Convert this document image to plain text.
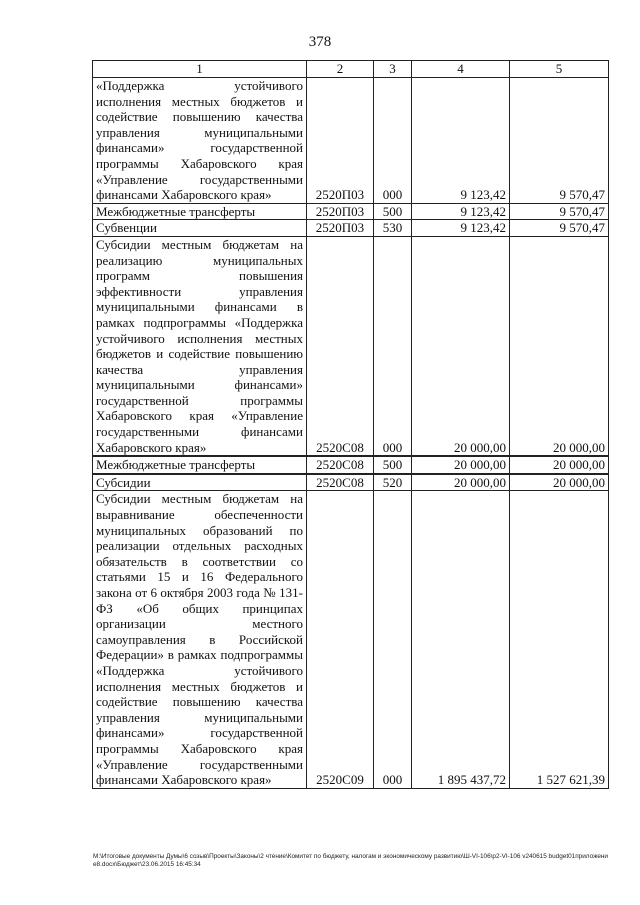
378
1	2	3	4	5
«Поддержка устойчивого исполнения местных бюджетов и содействие повышению качества управления муниципальными финансами» государственной программы Хабаровского края «Управление государственными финансами Хабаровского края»	2520П03	000	9 123,42	9 570,47
Межбюджетные трансферты	2520П03	500	9 123,42	9 570,47
Субвенции	2520П03	530	9 123,42	9 570,47
Субсидии местным бюджетам на реализацию муниципальных программ повышения эффективности управления муниципальными финансами в рамках подпрограммы «Поддержка устойчивого исполнения местных бюджетов и содействие повышению качества управления муниципальными финансами» государственной программы Хабаровского края «Управление государственными финансами Хабаровского края»	2520С08	000	20 000,00	20 000,00
Межбюджетные трансферты	2520С08	500	20 000,00	20 000,00
Субсидии	2520С08	520	20 000,00	20 000,00
Субсидии местным бюджетам на выравнивание обеспеченности муниципальных образований по реализации отдельных расходных обязательств в соответствии со статьями 15 и 16 Федерального закона от 6 октября 2003 года № 131-ФЗ «Об общих принципах организации местного самоуправления в Российской Федерации» в рамках подпрограммы «Поддержка устойчивого исполнения местных бюджетов и содействие повышению качества управления муниципальными финансами» государственной программы Хабаровского края «Управление государственными финансами Хабаровского края»	2520С09	000	1 895 437,72	1 527 621,39
М:\Итоговые документы Думы\6 созыв\Проекты\Законы\2 чтение\Комитет по бюджету, налогам и экономическому развитию\Ш-VI-106\р2-VI-106 v240615 budget01приложение8.docx\Бюджет\23.06.2015 16:45:34
